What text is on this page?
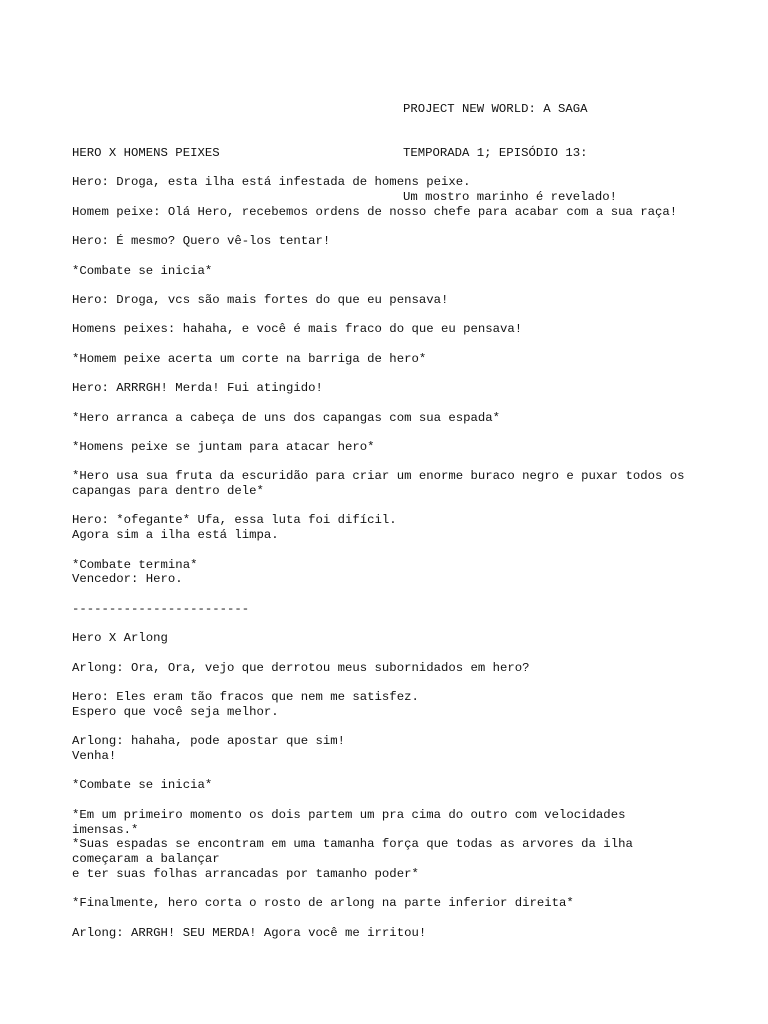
PROJECT NEW WORLD: A SAGA

TEMPORADA 1; EPISÓDIO 13:

Um mostro marinho é revelado!

HERO X HOMENS PEIXES
Hero: Droga, esta ilha está infestada de homens peixe.
Homem peixe: Olá Hero, recebemos ordens de nosso chefe para acabar com a sua raça!
Hero: É mesmo? Quero vê-los tentar!
*Combate se inicia*
Hero: Droga, vcs são mais fortes do que eu pensava!
Homens peixes: hahaha, e você é mais fraco do que eu pensava!
*Homem peixe acerta um corte na barriga de hero*
Hero: ARRRGH! Merda! Fui atingido!
*Hero arranca a cabeça de uns dos capangas com sua espada*
*Homens peixe se juntam para atacar hero*
*Hero usa sua fruta da escuridão para criar um enorme buraco negro e puxar todos os
capangas para dentro dele*
Hero: *ofegante* Ufa, essa luta foi difícil.
Agora sim a ilha está limpa.
*Combate termina*
Vencedor: Hero.
------------------------
Hero X Arlong
Arlong: Ora, Ora, vejo que derrotou meus subornidados em hero?
Hero: Eles eram tão fracos que nem me satisfez.
Espero que você seja melhor.
Arlong: hahaha, pode apostar que sim!
Venha!
*Combate se inicia*
*Em um primeiro momento os dois partem um pra cima do outro com velocidades
imensas.*
*Suas espadas se encontram em uma tamanha força que todas as arvores da ilha
começaram a balançar
e ter suas folhas arrancadas por tamanho poder*
*Finalmente, hero corta o rosto de arlong na parte inferior direita*
Arlong: ARRGH! SEU MERDA! Agora você me irritou!
